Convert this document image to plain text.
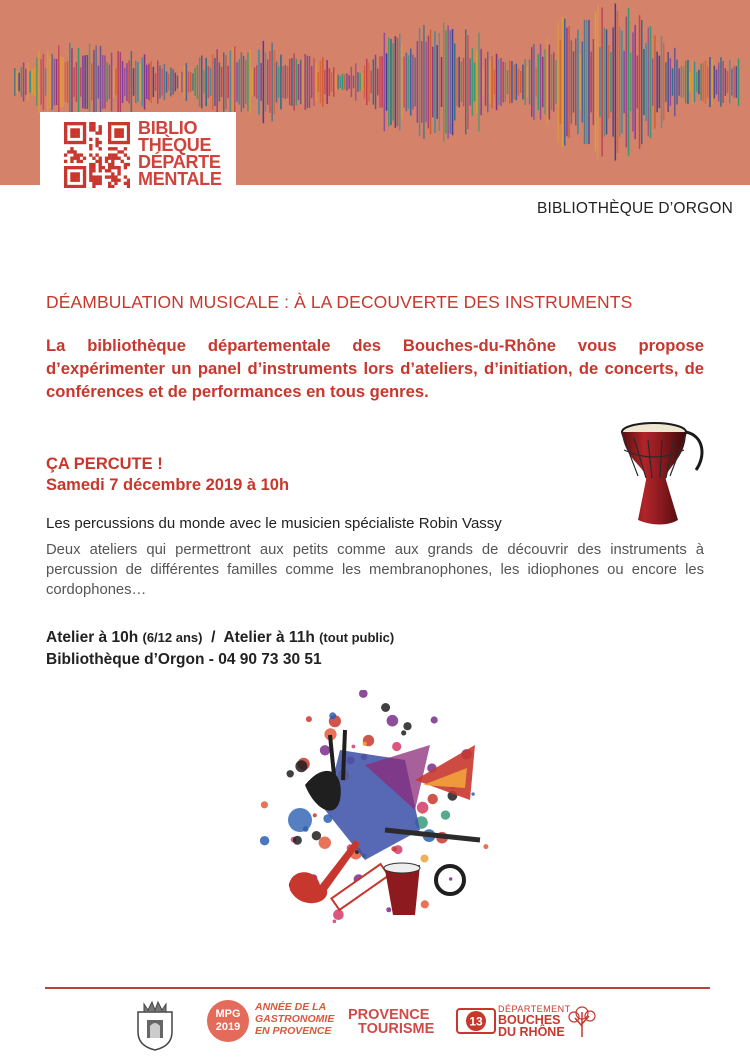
BIBLIO
THÈQUE
DÉPARTE
MENTALE
BIBLIOTHÈQUE D’ORGON
DÉAMBULATION MUSICALE : À LA DECOUVERTE DES INSTRUMENTS

La bibliothèque départementale des Bouches-du-Rhône vous propose d’expérimenter un panel d’instruments lors d’ateliers, d’initiation, de concerts, de conférences et de performances en tous genres.

ÇA PERCUTE !
Samedi 7 décembre 2019 à 10h
Les percussions du monde avec le musicien spécialiste Robin Vassy

Deux ateliers qui permettront aux petits comme aux grands de découvrir des instruments à percussion de différentes familles comme les membranophones, les idiophones ou encore les cordophones…

Atelier à 10h (6/12 ans)  /  Atelier à 11h (tout public)
Bibliothèque d’Orgon - 04 90 73 30 51
MPG
2019
ANNÉE DE LA
GASTRONOMIE
EN PROVENCE
PROVENCE
TOURISME	13
DÉPARTEMENT
BOUCHES
DU RHÔNE
